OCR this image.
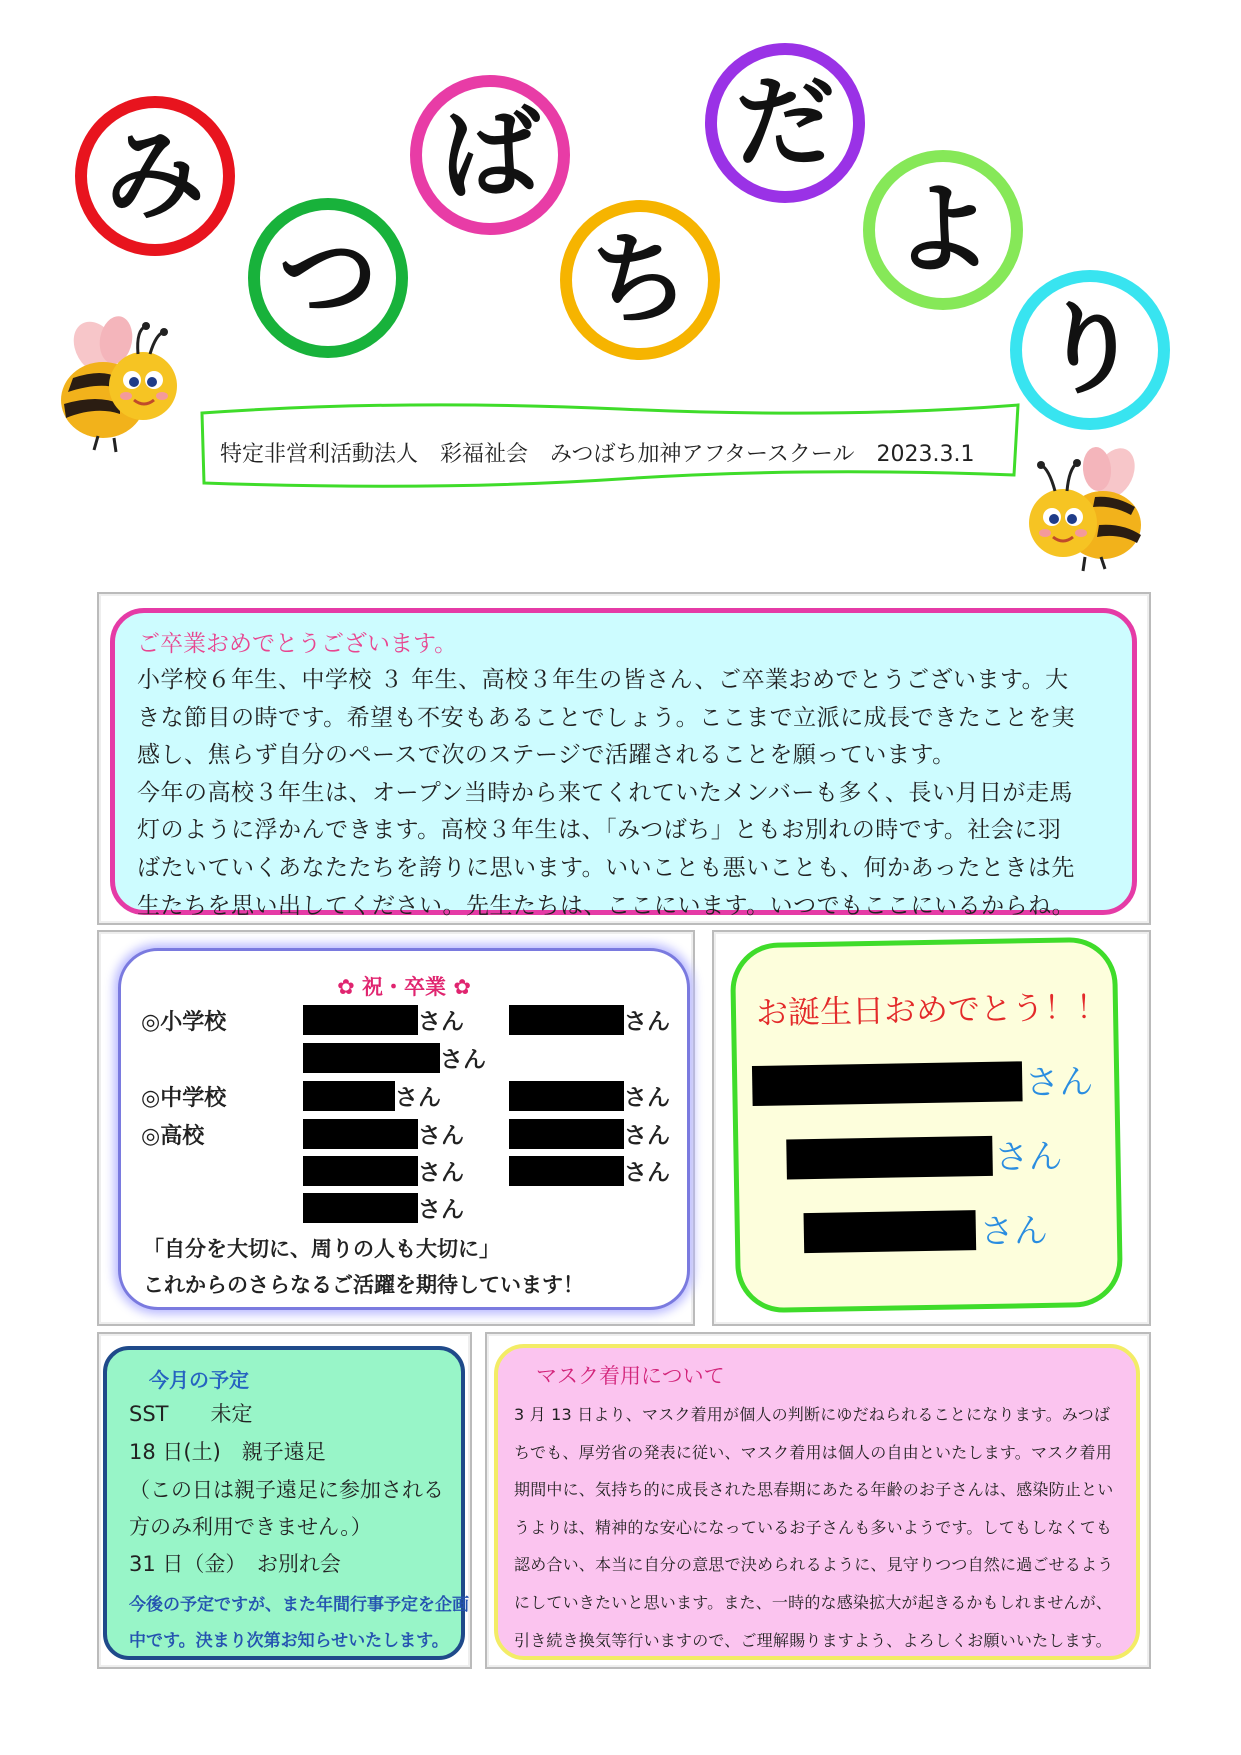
み
つ
ば
ち
だ
よ
り
特定非営利活動法人　彩福祉会　みつばち加神アフタースクール　2023.3.1
ご卒業おめでとうございます。

小学校６年生、中学校 ３ 年生、高校３年生の皆さん、ご卒業おめでとうございます。大

きな節目の時です。希望も不安もあることでしょう。ここまで立派に成長できたことを実

感し、焦らず自分のペースで次のステージで活躍されることを願っています。

今年の高校３年生は、オープン当時から来てくれていたメンバーも多く、長い月日が走馬

灯のように浮かんできます。高校３年生は、「みつばち」ともお別れの時です。社会に羽

ばたいていくあなたたちを誇りに思います。いいことも悪いことも、何かあったときは先

生たちを思い出してください。先生たちは、ここにいます。いつでもここにいるからね。

✿ 祝・卒業 ✿
◎小学校
◎中学校
◎高校
さん
さん
さん
さん
さん
さん
さん
さん
さん
さん
「自分を大切に、周りの人も大切に」
これからのさらなるご活躍を期待しています！
お誕生日おめでとう！！
さん
さん
さん
今月の予定
SST　　未定
18 日(土)　親子遠足
（この日は親子遠足に参加される
方のみ利用できません。）
31 日（金）　お別れ会
今後の予定ですが、また年間行事予定を企画
中です。決まり次第お知らせいたします。
マスク着用について

3 月 13 日より、マスク着用が個人の判断にゆだねられることになります。みつば

ちでも、厚労省の発表に従い、マスク着用は個人の自由といたします。マスク着用

期間中に、気持ち的に成長された思春期にあたる年齢のお子さんは、感染防止とい

うよりは、精神的な安心になっているお子さんも多いようです。してもしなくても

認め合い、本当に自分の意思で決められるように、見守りつつ自然に過ごせるよう

にしていきたいと思います。また、一時的な感染拡大が起きるかもしれませんが、

引き続き換気等行いますので、ご理解賜りますよう、よろしくお願いいたします。
